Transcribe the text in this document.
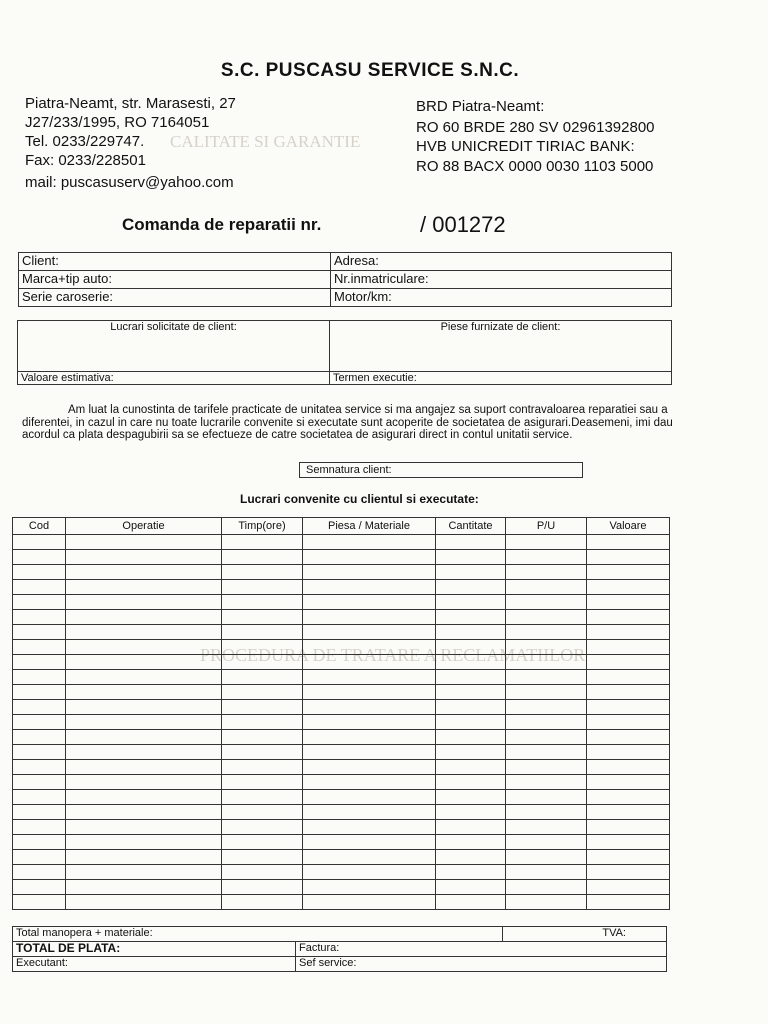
CALITATE SI GARANTIE
PROCEDURA DE TRATARE A RECLAMATIILOR
S.C. PUSCASU SERVICE S.N.C.
Piatra-Neamt, str. Marasesti, 27
J27/233/1995, RO 7164051
Tel. 0233/229747.
Fax: 0233/228501
mail: puscasuserv@yahoo.com
BRD Piatra-Neamt:
RO 60 BRDE 280 SV 02961392800
HVB UNICREDIT TIRIAC BANK:
RO 88 BACX 0000 0030 1103 5000
Comanda de reparatii nr.	/ 001272
Client:	Adresa:
Marca+tip auto:	Nr.inmatriculare:
Serie caroserie:	Motor/km:
Lucrari solicitate de client:	Piese furnizate de client:
Valoare estimativa:	Termen executie:
Am luat la cunostinta de tarifele practicate de unitatea service si ma angajez sa suport contravaloarea reparatiei sau a diferentei, in cazul in care nu toate lucrarile convenite si executate sunt acoperite de societatea de asigurari.Deasemeni, imi dau acordul ca plata despagubirii sa se efectueze de catre societatea de asigurari direct in contul unitatii service.
Semnatura client:
Lucrari convenite cu clientul si executate:
Cod	Operatie	Timp(ore)	Piesa / Materiale	Cantitate	P/U	Valoare

Total manopera + materiale:		TVA:
TOTAL DE PLATA:	Factura:	
Executant:	Sef service:	
